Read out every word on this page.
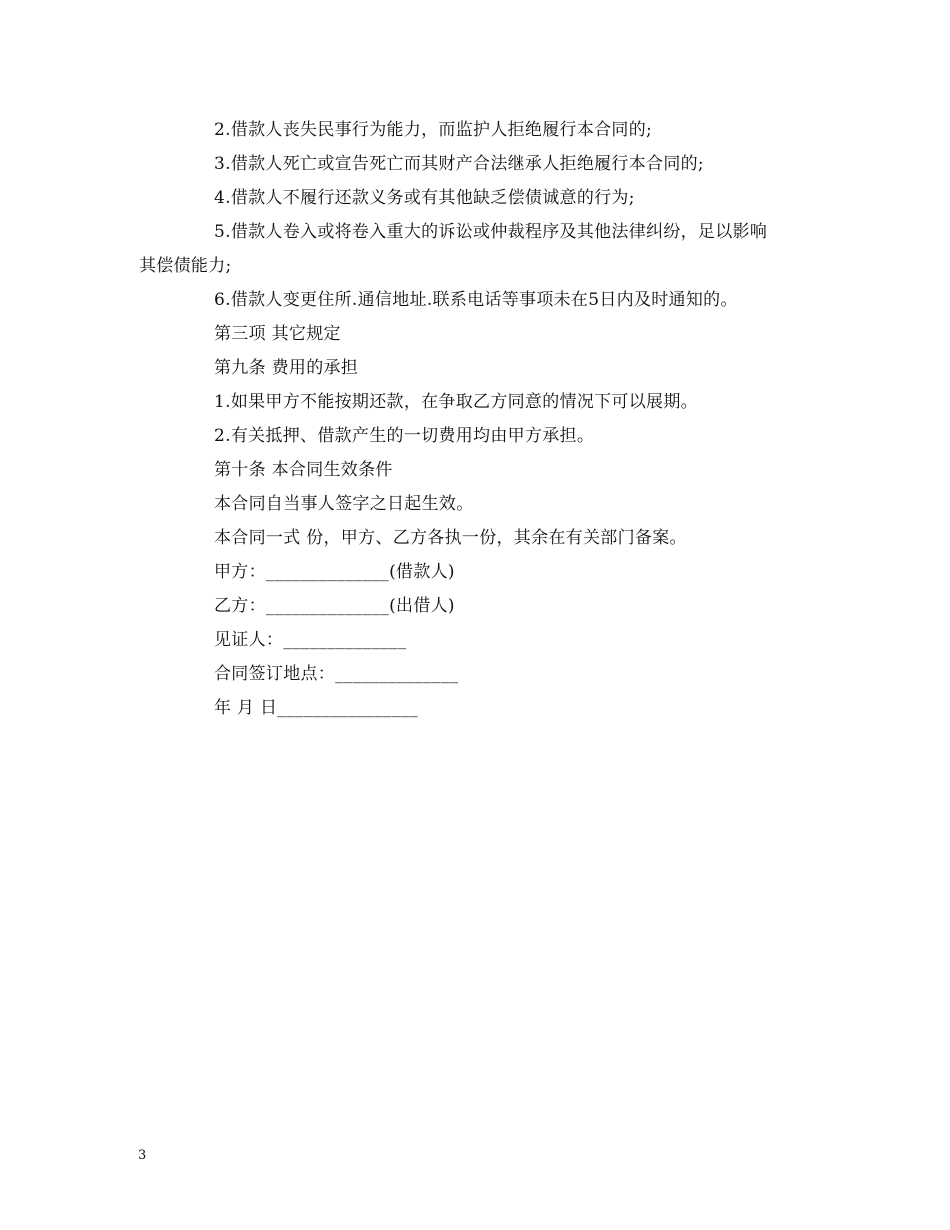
2.借款人丧失民事行为能力，而监护人拒绝履行本合同的;
3.借款人死亡或宣告死亡而其财产合法继承人拒绝履行本合同的;
4.借款人不履行还款义务或有其他缺乏偿债诚意的行为;
5.借款人卷入或将卷入重大的诉讼或仲裁程序及其他法律纠纷，足以影响
其偿债能力;
6.借款人变更住所.通信地址.联系电话等事项未在5日内及时通知的。
第三项 其它规定
第九条 费用的承担
1.如果甲方不能按期还款，在争取乙方同意的情况下可以展期。
2.有关抵押、借款产生的一切费用均由甲方承担。
第十条 本合同生效条件
本合同自当事人签字之日起生效。
本合同一式 份，甲方、乙方各执一份，其余在有关部门备案。
甲方：______________(借款人)
乙方：______________(出借人)
见证人：______________
合同签订地点：______________
年 月 日________________
3
